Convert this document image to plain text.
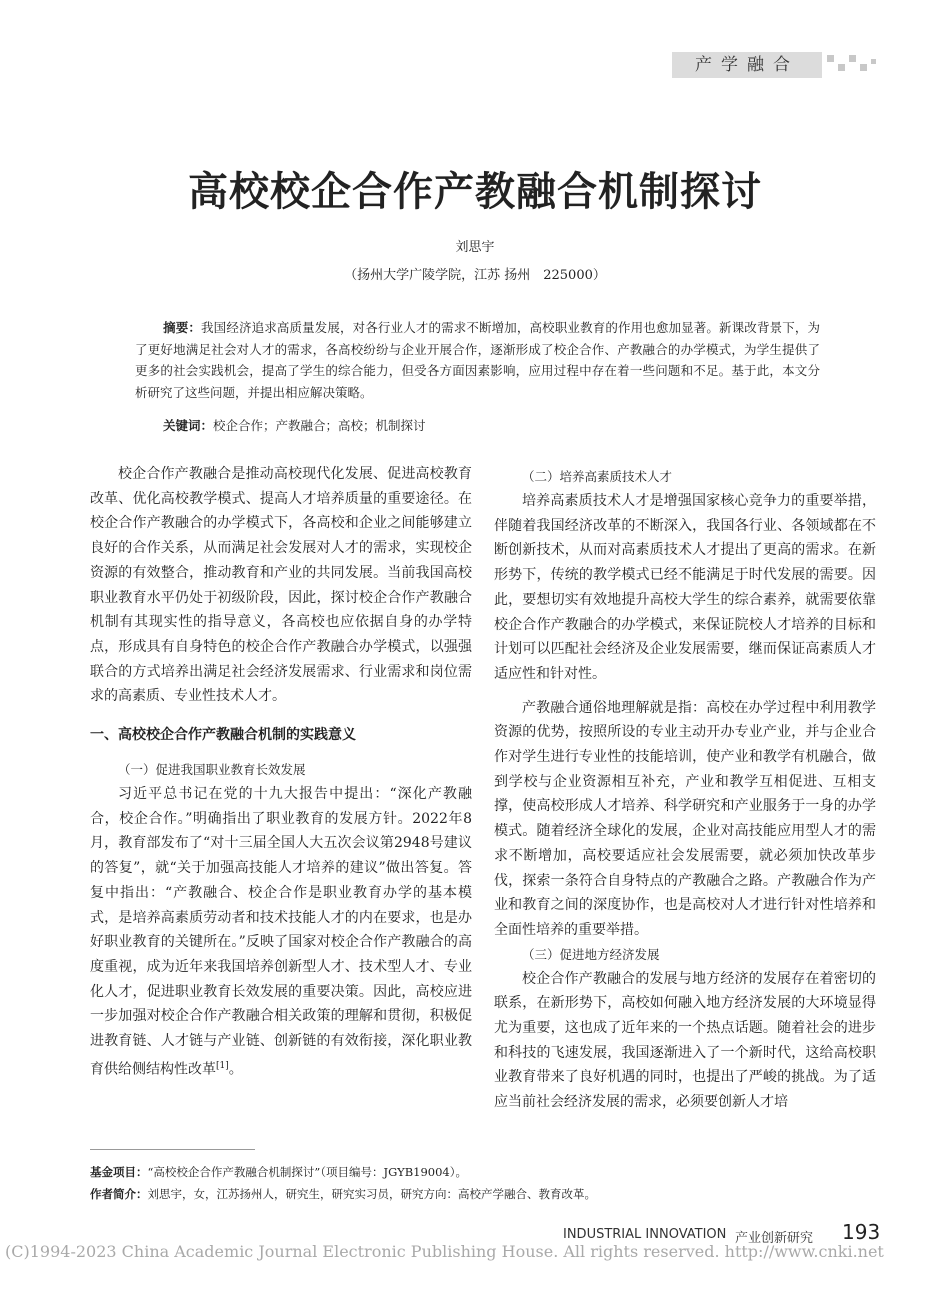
产学融合
高校校企合作产教融合机制探讨
刘思宇
（扬州大学广陵学院，江苏 扬州　225000）
摘要：我国经济追求高质量发展，对各行业人才的需求不断增加，高校职业教育的作用也愈加显著。新课改背景下，为了更好地满足社会对人才的需求，各高校纷纷与企业开展合作，逐渐形成了校企合作、产教融合的办学模式，为学生提供了更多的社会实践机会，提高了学生的综合能力，但受各方面因素影响，应用过程中存在着一些问题和不足。基于此，本文分析研究了这些问题，并提出相应解决策略。
关键词：校企合作；产教融合；高校；机制探讨

校企合作产教融合是推动高校现代化发展、促进高校教育改革、优化高校教学模式、提高人才培养质量的重要途径。在校企合作产教融合的办学模式下，各高校和企业之间能够建立良好的合作关系，从而满足社会发展对人才的需求，实现校企资源的有效整合，推动教育和产业的共同发展。当前我国高校职业教育水平仍处于初级阶段，因此，探讨校企合作产教融合机制有其现实性的指导意义，各高校也应依据自身的办学特点，形成具有自身特色的校企合作产教融合办学模式，以强强联合的方式培养出满足社会经济发展需求、行业需求和岗位需求的高素质、专业性技术人才。

一、高校校企合作产教融合机制的实践意义
（一）促进我国职业教育长效发展

习近平总书记在党的十九大报告中提出：“深化产教融合，校企合作。”明确指出了职业教育的发展方针。2022年8月，教育部发布了“对十三届全国人大五次会议第2948号建议的答复”，就“关于加强高技能人才培养的建议”做出答复。答复中指出：“产教融合、校企合作是职业教育办学的基本模式，是培养高素质劳动者和技术技能人才的内在要求，也是办好职业教育的关键所在。”反映了国家对校企合作产教融合的高度重视，成为近年来我国培养创新型人才、技术型人才、专业化人才，促进职业教育长效发展的重要决策。因此，高校应进一步加强对校企合作产教融合相关政策的理解和贯彻，积极促进教育链、人才链与产业链、创新链的有效衔接，深化职业教育供给侧结构性改革[1]。

（二）培养高素质技术人才

培养高素质技术人才是增强国家核心竞争力的重要举措，伴随着我国经济改革的不断深入，我国各行业、各领域都在不断创新技术，从而对高素质技术人才提出了更高的需求。在新形势下，传统的教学模式已经不能满足于时代发展的需要。因此，要想切实有效地提升高校大学生的综合素养，就需要依靠校企合作产教融合的办学模式，来保证院校人才培养的目标和计划可以匹配社会经济及企业发展需要，继而保证高素质人才适应性和针对性。

产教融合通俗地理解就是指：高校在办学过程中利用教学资源的优势，按照所设的专业主动开办专业产业，并与企业合作对学生进行专业性的技能培训，使产业和教学有机融合，做到学校与企业资源相互补充，产业和教学互相促进、互相支撑，使高校形成人才培养、科学研究和产业服务于一身的办学模式。随着经济全球化的发展，企业对高技能应用型人才的需求不断增加，高校要适应社会发展需要，就必须加快改革步伐，探索一条符合自身特点的产教融合之路。产教融合作为产业和教育之间的深度协作，也是高校对人才进行针对性培养和全面性培养的重要举措。

（三）促进地方经济发展

校企合作产教融合的发展与地方经济的发展存在着密切的联系，在新形势下，高校如何融入地方经济发展的大环境显得尤为重要，这也成了近年来的一个热点话题。随着社会的进步和科技的飞速发展，我国逐渐进入了一个新时代，这给高校职业教育带来了良好机遇的同时，也提出了严峻的挑战。为了适应当前社会经济发展的需求，必须要创新人才培

基金项目：“高校校企合作产教融合机制探讨”（项目编号：JGYB19004）。
作者简介：刘思宇，女，江苏扬州人，研究生，研究实习员，研究方向：高校产学融合、教育改革。
INDUSTRIAL INNOVATION 产业创新研究 193
(C)1994-2023 China Academic Journal Electronic Publishing House. All rights reserved. http://www.cnki.net
